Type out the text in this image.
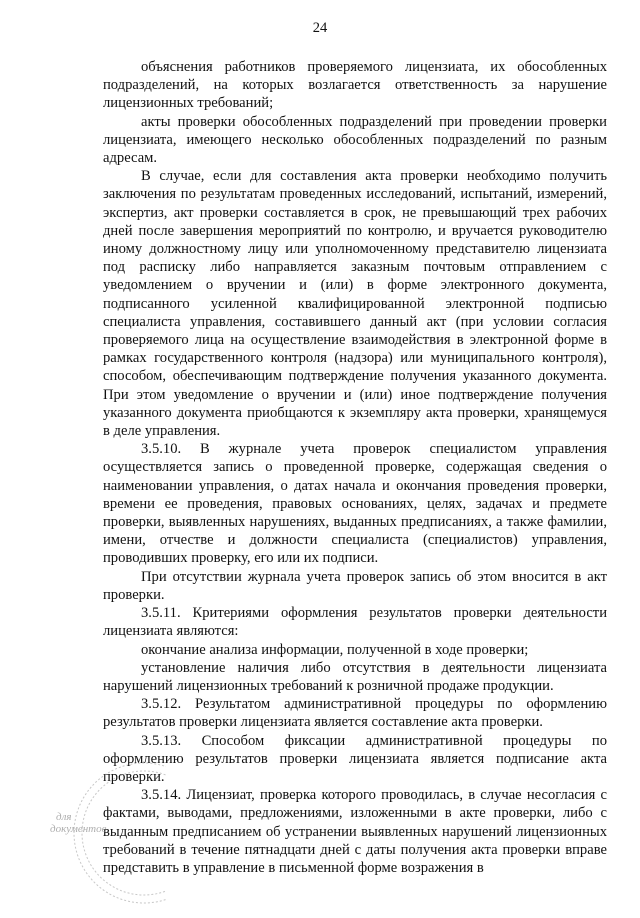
24

объяснения работников проверяемого лицензиата, их обособленных подразделений, на которых возлагается ответственность за нарушение лицензионных требований;

акты проверки обособленных подразделений при проведении проверки лицензиата, имеющего несколько обособленных подразделений по разным адресам.

В случае, если для составления акта проверки необходимо получить заключения по результатам проведенных исследований, испытаний, измерений, экспертиз, акт проверки составляется в срок, не превышающий трех рабочих дней после завершения мероприятий по контролю, и вручается руководителю иному должностному лицу или уполномоченному представителю лицензиата под расписку либо направляется заказным почтовым отправлением с уведомлением о вручении и (или) в форме электронного документа, подписанного усиленной квалифицированной электронной подписью специалиста управления, составившего данный акт (при условии согласия проверяемого лица на осуществление взаимодействия в электронной форме в рамках государственного контроля (надзора) или муниципального контроля), способом, обеспечивающим подтверждение получения указанного документа. При этом уведомление о вручении и (или) иное подтверждение получения указанного документа приобщаются к экземпляру акта проверки, хранящемуся в деле управления.

3.5.10. В журнале учета проверок специалистом управления осуществляется запись о проведенной проверке, содержащая сведения о наименовании управления, о датах начала и окончания проведения проверки, времени ее проведения, правовых основаниях, целях, задачах и предмете проверки, выявленных нарушениях, выданных предписаниях, а также фамилии, имени, отчестве и должности специалиста (специалистов) управления, проводивших проверку, его или их подписи.

При отсутствии журнала учета проверок запись об этом вносится в акт проверки.

3.5.11. Критериями оформления результатов проверки деятельности лицензиата являются:

окончание анализа информации, полученной в ходе проверки;

установление наличия либо отсутствия в деятельности лицензиата нарушений лицензионных требований к розничной продаже продукции.

3.5.12. Результатом административной процедуры по оформлению результатов проверки лицензиата является составление акта проверки.

3.5.13. Способом фиксации административной процедуры по оформлению результатов проверки лицензиата является подписание акта проверки.

3.5.14. Лицензиат, проверка которого проводилась, в случае несогласия с фактами, выводами, предложениями, изложенными в акте проверки, либо с выданным предписанием об устранении выявленных нарушений лицензионных требований в течение пятнадцати дней с даты получения акта проверки вправе представить в управление в письменной форме возражения в

для
документов
